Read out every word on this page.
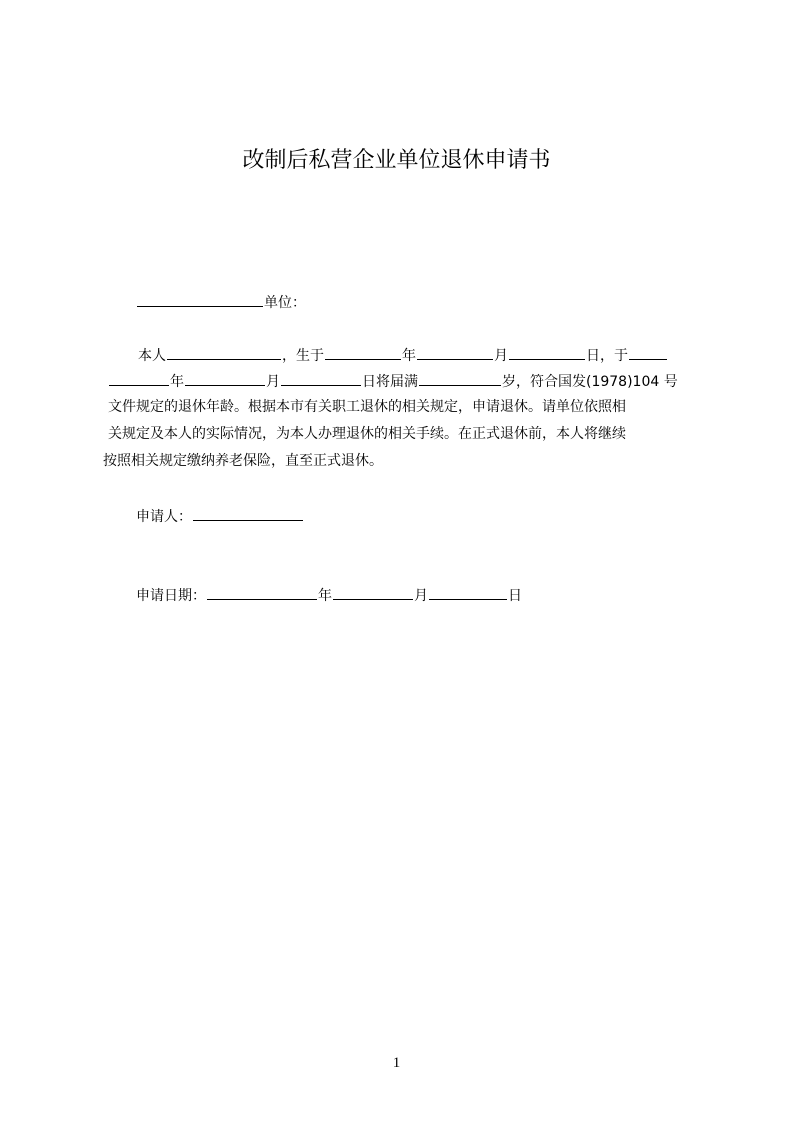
改制后私营企业单位退休申请书
单位：
本人	，生于	年	月	日，于
年	月	日将届满	岁，符合国发(1978)104 号
文件规定的退休年龄。根据本市有关职工退休的相关规定，申请退休。请单位依照相
关规定及本人的实际情况，为本人办理退休的相关手续。在正式退休前，本人将继续
按照相关规定缴纳养老保险，直至正式退休。
申请人：
申请日期：	年	月	日
1
